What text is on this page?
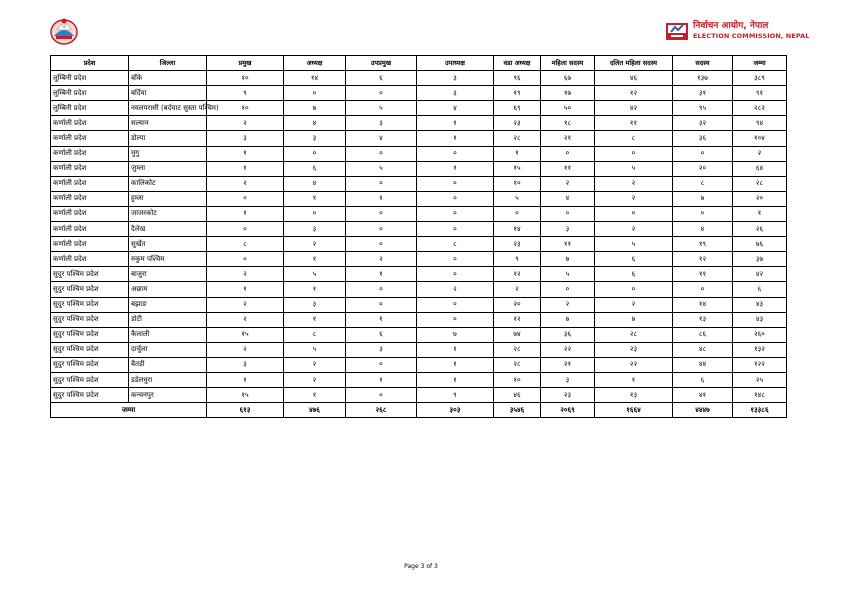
निर्वाचन आयोग, नेपाल
ELECTION COMMISSION, NEPAL
प्रदेश	जिल्ला	प्रमुख	अध्यक्ष	उपप्रमुख	उपाध्यक्ष	वडा अध्यक्ष	महिला सदस्य	दलित महिला सदस्य	सदस्य	जम्मा
लुम्बिनी प्रदेश	बाँके	१०	१४	६	३	९६	६७	४६	१३७	३८९
लुम्बिनी प्रदेश	बर्दिया	९	०	०	३	१९	१७	१२	३१	९१
लुम्बिनी प्रदेश	नवलपरासी (बर्दघाट सुस्ता पश्चिम)	१०	७	५	४	६९	५०	४२	९५	२८२
कर्णाली प्रदेश	सल्यान	२	४	३	१	२३	१८	११	३२	९४
कर्णाली प्रदेश	डोल्पा	३	३	४	१	२८	२१	८	३६	१०४
कर्णाली प्रदेश	मुगु	१	०	०	०	१	०	०	०	२
कर्णाली प्रदेश	जुम्ला	१	६	५	१	१५	११	५	२०	६४
कर्णाली प्रदेश	कालिकोट	२	४	०	०	१०	२	२	८	२८
कर्णाली प्रदेश	हुम्ला	०	१	१	०	५	४	२	७	२०
कर्णाली प्रदेश	जाजरकोट	१	०	०	०	०	०	०	०	१
कर्णाली प्रदेश	दैलेख	०	३	०	०	१४	३	२	४	२६
कर्णाली प्रदेश	सुर्खेत	८	२	०	८	२३	११	५	१९	७६
कर्णाली प्रदेश	रुकुम पश्चिम	०	१	२	०	९	७	६	१२	३७
सुदुर पश्चिम प्रदेश	बाजुरा	२	५	१	०	१२	५	६	११	४२
सुदुर पश्चिम प्रदेश	अछाम	१	१	०	२	२	०	०	०	६
सुदुर पश्चिम प्रदेश	बझाङ	२	३	०	०	२०	२	२	१४	४३
सुदुर पश्चिम प्रदेश	डोटी	२	१	१	०	१२	७	७	१३	४३
सुदुर पश्चिम प्रदेश	कैलाली	१५	८	६	७	७४	३६	२८	८६	२६०
सुदुर पश्चिम प्रदेश	दार्चुला	२	५	३	१	२८	२२	२३	४८	१३२
सुदुर पश्चिम प्रदेश	बैतडी	३	२	०	१	२८	२१	२२	४४	१२२
सुदुर पश्चिम प्रदेश	डडेलधुरा	१	२	१	१	१०	३	१	६	२५
सुदुर पश्चिम प्रदेश	कन्चनपुर	१५	१	०	९	४६	२३	१३	४१	१४८
जम्मा		६१३	४७६	२६८	३०३	३५४६	२०६९	१६६४	४४४७	१३३८६
Page 3 of 3
